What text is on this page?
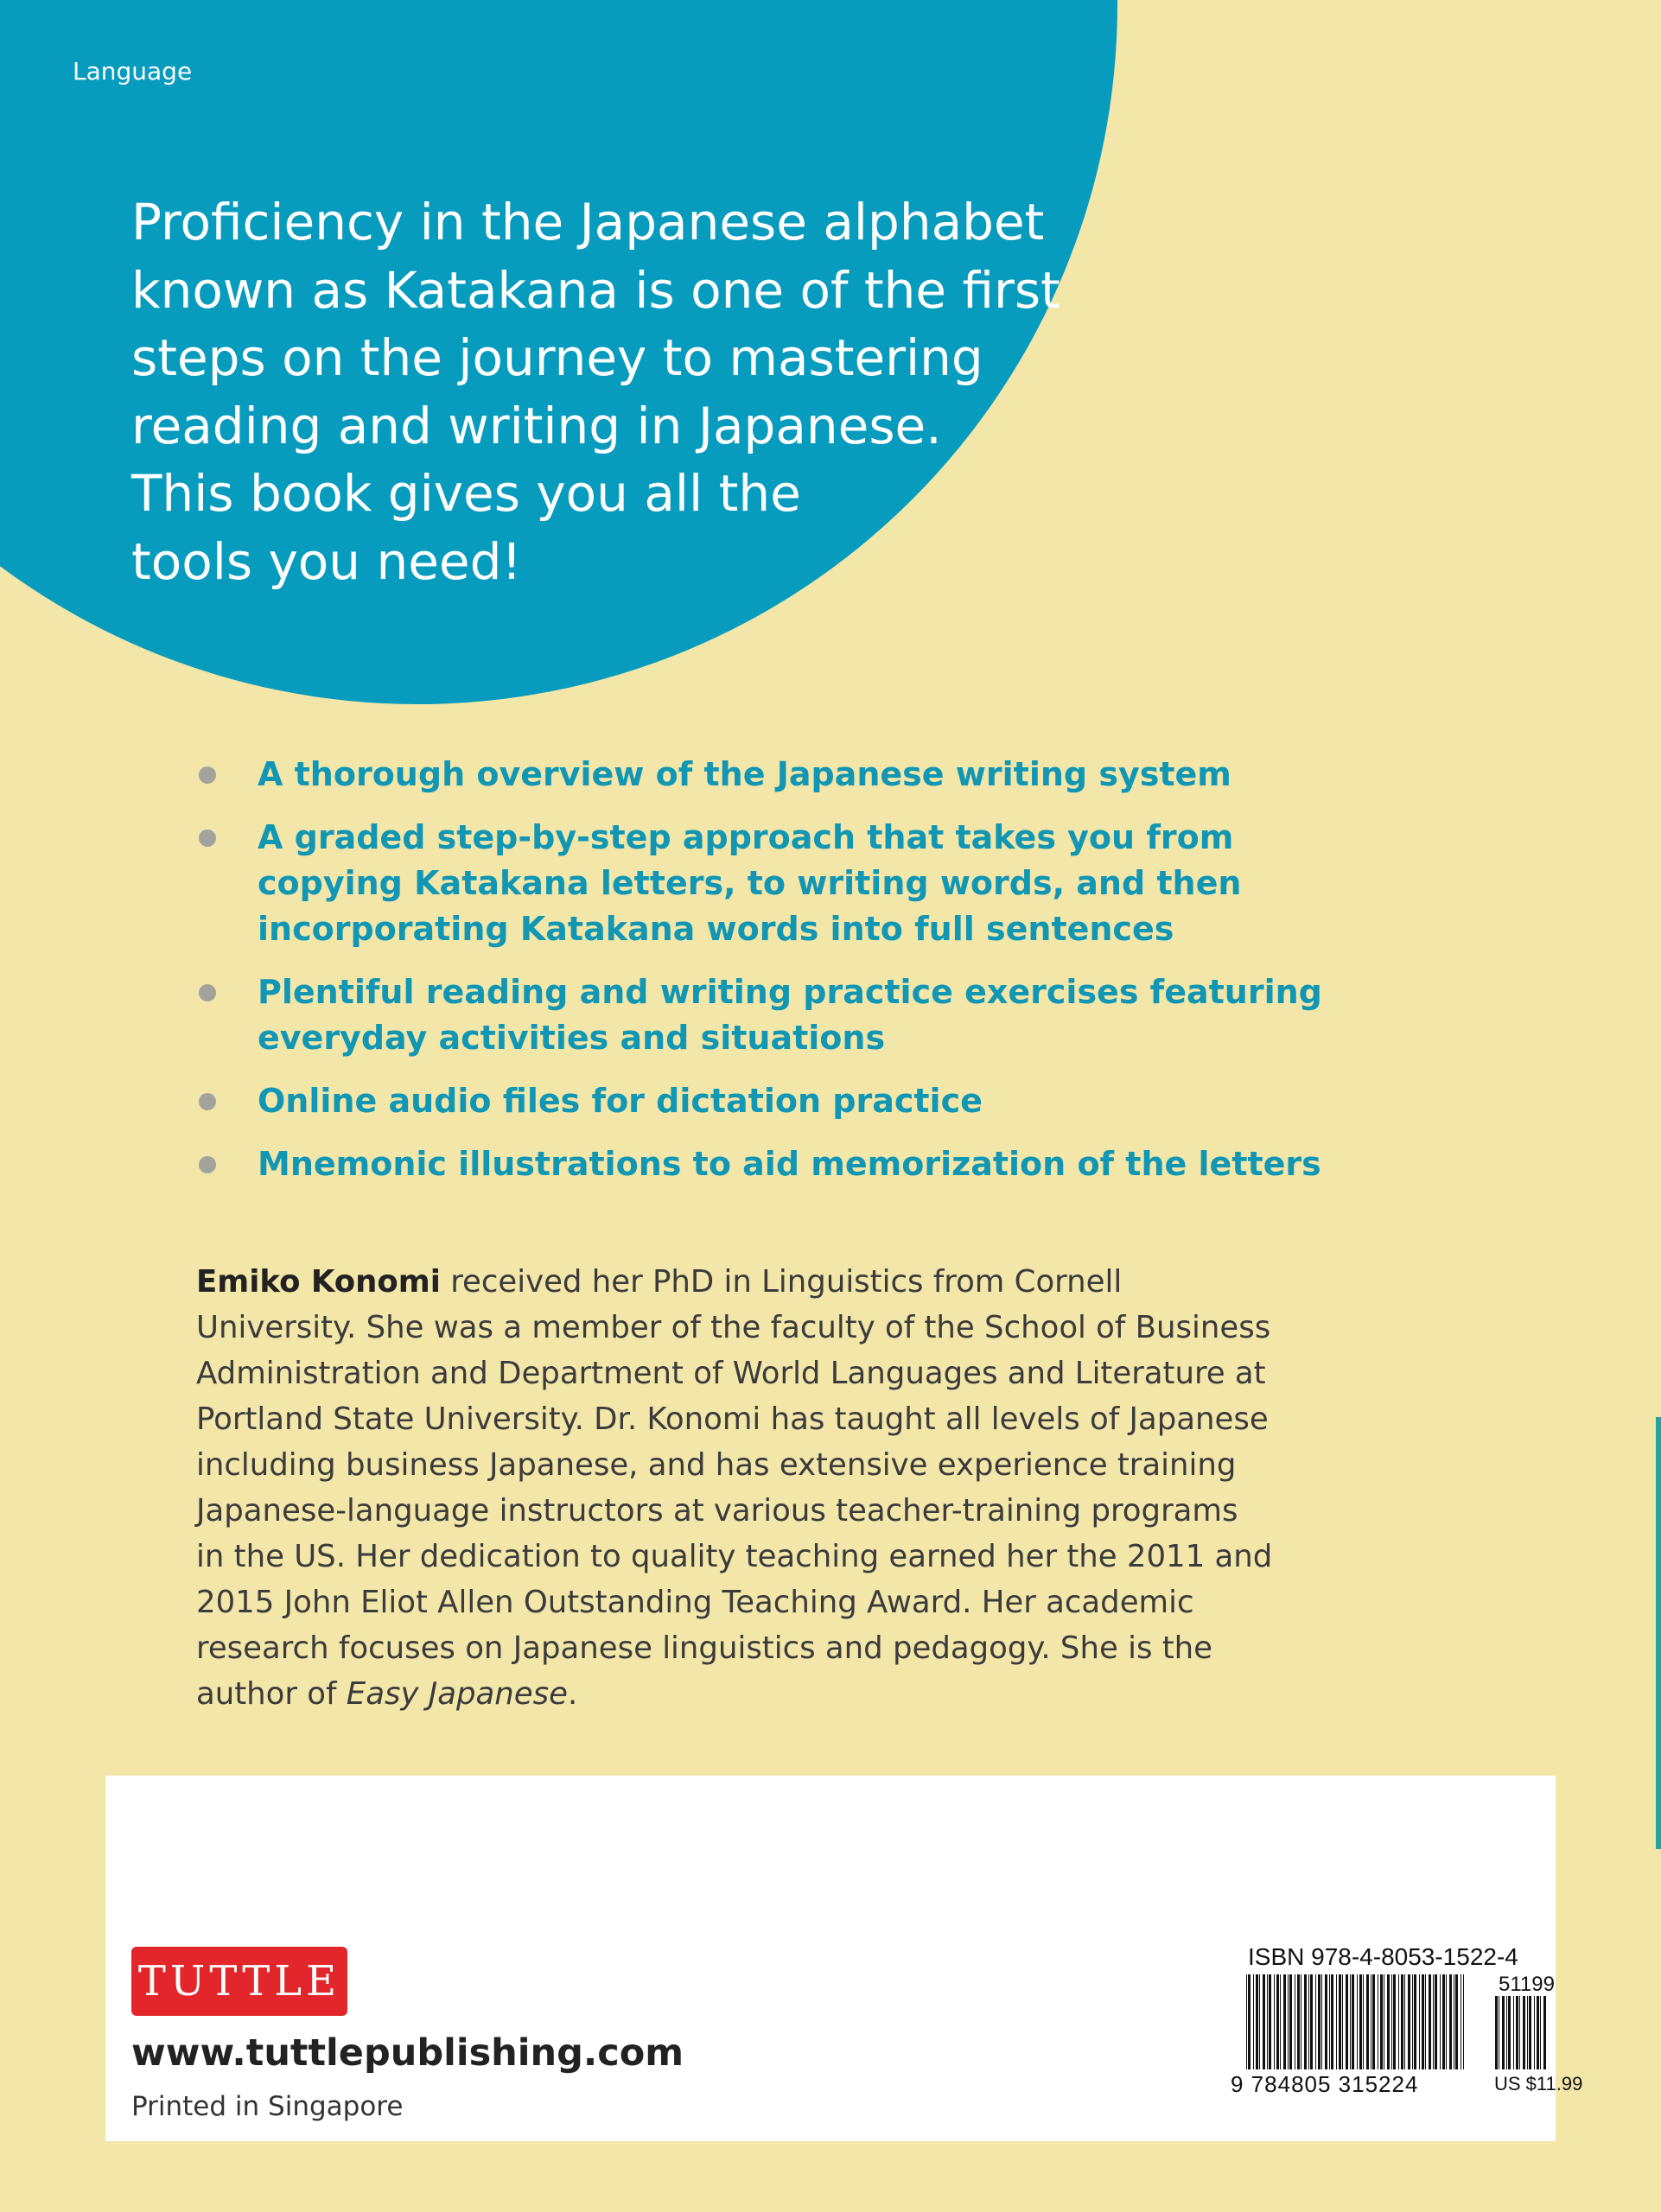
Language
Proficiency in the Japanese alphabet
known as Katakana is one of the first
steps on the journey to mastering
reading and writing in Japanese.
This book gives you all the
tools you need!
A thorough overview of the Japanese writing system
A graded step-by-step approach that takes you from
copying Katakana letters, to writing words, and then
incorporating Katakana words into full sentences
Plentiful reading and writing practice exercises featuring
everyday activities and situations
Online audio files for dictation practice
Mnemonic illustrations to aid memorization of the letters
Emiko Konomi received her PhD in Linguistics from Cornell
University. She was a member of the faculty of the School of Business
Administration and Department of World Languages and Literature at
Portland State University. Dr. Konomi has taught all levels of Japanese
including business Japanese, and has extensive experience training
Japanese-language instructors at various teacher-training programs
in the US. Her dedication to quality teaching earned her the 2011 and
2015 John Eliot Allen Outstanding Teaching Award. Her academic
research focuses on Japanese linguistics and pedagogy. She is the
author of Easy Japanese.
TUTTLE
www.tuttlepublishing.com
Printed in Singapore
ISBN 978-4-8053-1522-4
51199
9 784805 315224	US $11.99
